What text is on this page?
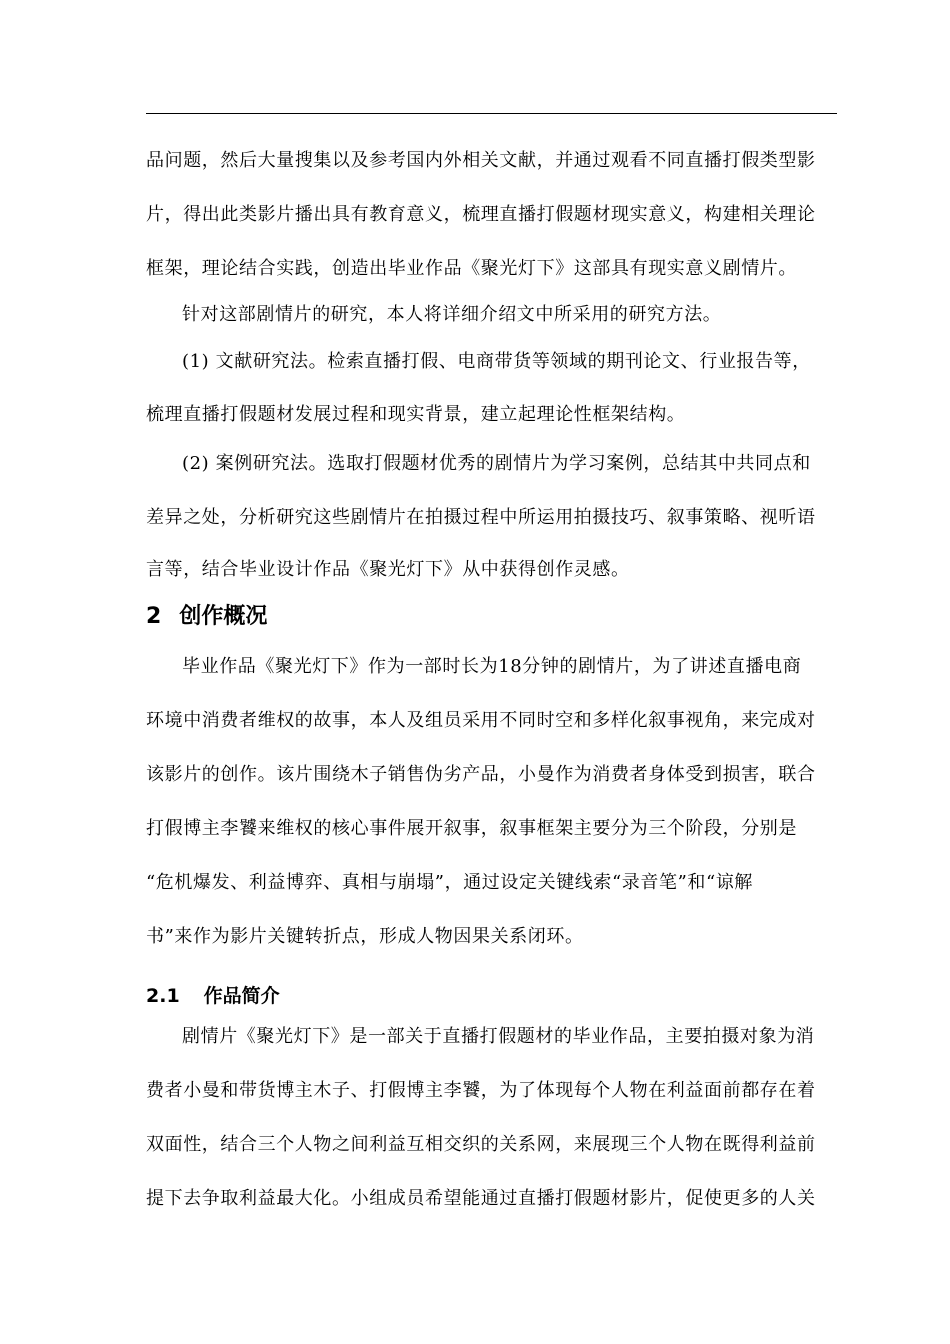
品问题，然后大量搜集以及参考国内外相关文献，并通过观看不同直播打假类型影
片，得出此类影片播出具有教育意义，梳理直播打假题材现实意义，构建相关理论
框架，理论结合实践，创造出毕业作品《聚光灯下》这部具有现实意义剧情片。
针对这部剧情片的研究，本人将详细介绍文中所采用的研究方法。
(1) 文献研究法。检索直播打假、电商带货等领域的期刊论文、行业报告等，
梳理直播打假题材发展过程和现实背景，建立起理论性框架结构。
(2) 案例研究法。选取打假题材优秀的剧情片为学习案例，总结其中共同点和
差异之处，分析研究这些剧情片在拍摄过程中所运用拍摄技巧、叙事策略、视听语
言等，结合毕业设计作品《聚光灯下》从中获得创作灵感。
2 创作概况
毕业作品《聚光灯下》作为一部时长为18分钟的剧情片，为了讲述直播电商
环境中消费者维权的故事，本人及组员采用不同时空和多样化叙事视角，来完成对
该影片的创作。该片围绕木子销售伪劣产品，小曼作为消费者身体受到损害，联合
打假博主李饕来维权的核心事件展开叙事，叙事框架主要分为三个阶段，分别是
“危机爆发、利益博弈、真相与崩塌”，通过设定关键线索“录音笔”和“谅解
书”来作为影片关键转折点，形成人物因果关系闭环。
2.1 作品简介
剧情片《聚光灯下》是一部关于直播打假题材的毕业作品，主要拍摄对象为消
费者小曼和带货博主木子、打假博主李饕，为了体现每个人物在利益面前都存在着
双面性，结合三个人物之间利益互相交织的关系网，来展现三个人物在既得利益前
提下去争取利益最大化。小组成员希望能通过直播打假题材影片，促使更多的人关
